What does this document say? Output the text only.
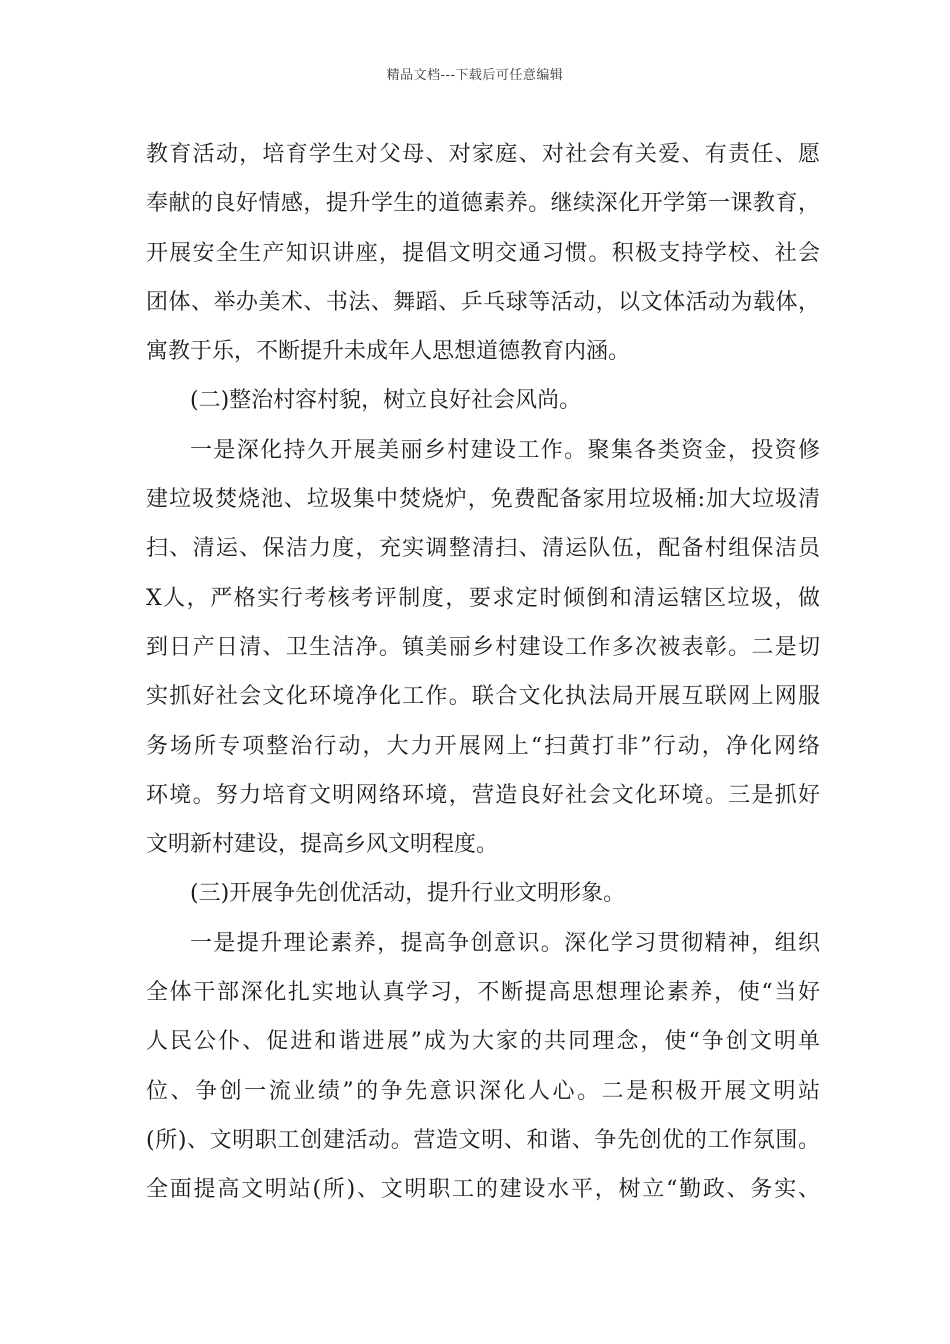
精品文档---下载后可任意编辑
教育活动，培育学生对父母、对家庭、对社会有关爱、有责任、愿
奉献的良好情感，提升学生的道德素养。继续深化开学第一课教育，
开展安全生产知识讲座，提倡文明交通习惯。积极支持学校、社会
团体、举办美术、书法、舞蹈、乒乓球等活动，以文体活动为载体，
寓教于乐，不断提升未成年人思想道德教育内涵。
(二)整治村容村貌，树立良好社会风尚。
一是深化持久开展美丽乡村建设工作。聚集各类资金，投资修
建垃圾焚烧池、垃圾集中焚烧炉，免费配备家用垃圾桶:加大垃圾清
扫、清运、保洁力度，充实调整清扫、清运队伍，配备村组保洁员
X人，严格实行考核考评制度，要求定时倾倒和清运辖区垃圾，做
到日产日清、卫生洁净。镇美丽乡村建设工作多次被表彰。二是切
实抓好社会文化环境净化工作。联合文化执法局开展互联网上网服
务场所专项整治行动，大力开展网上“扫黄打非”行动，净化网络
环境。努力培育文明网络环境，营造良好社会文化环境。三是抓好
文明新村建设，提高乡风文明程度。
(三)开展争先创优活动，提升行业文明形象。
一是提升理论素养，提高争创意识。深化学习贯彻精神，组织
全体干部深化扎实地认真学习，不断提高思想理论素养，使“当好
人民公仆、促进和谐进展”成为大家的共同理念，使“争创文明单
位、争创一流业绩”的争先意识深化人心。二是积极开展文明站
(所)、文明职工创建活动。营造文明、和谐、争先创优的工作氛围。
全面提高文明站(所)、文明职工的建设水平，树立“勤政、务实、
